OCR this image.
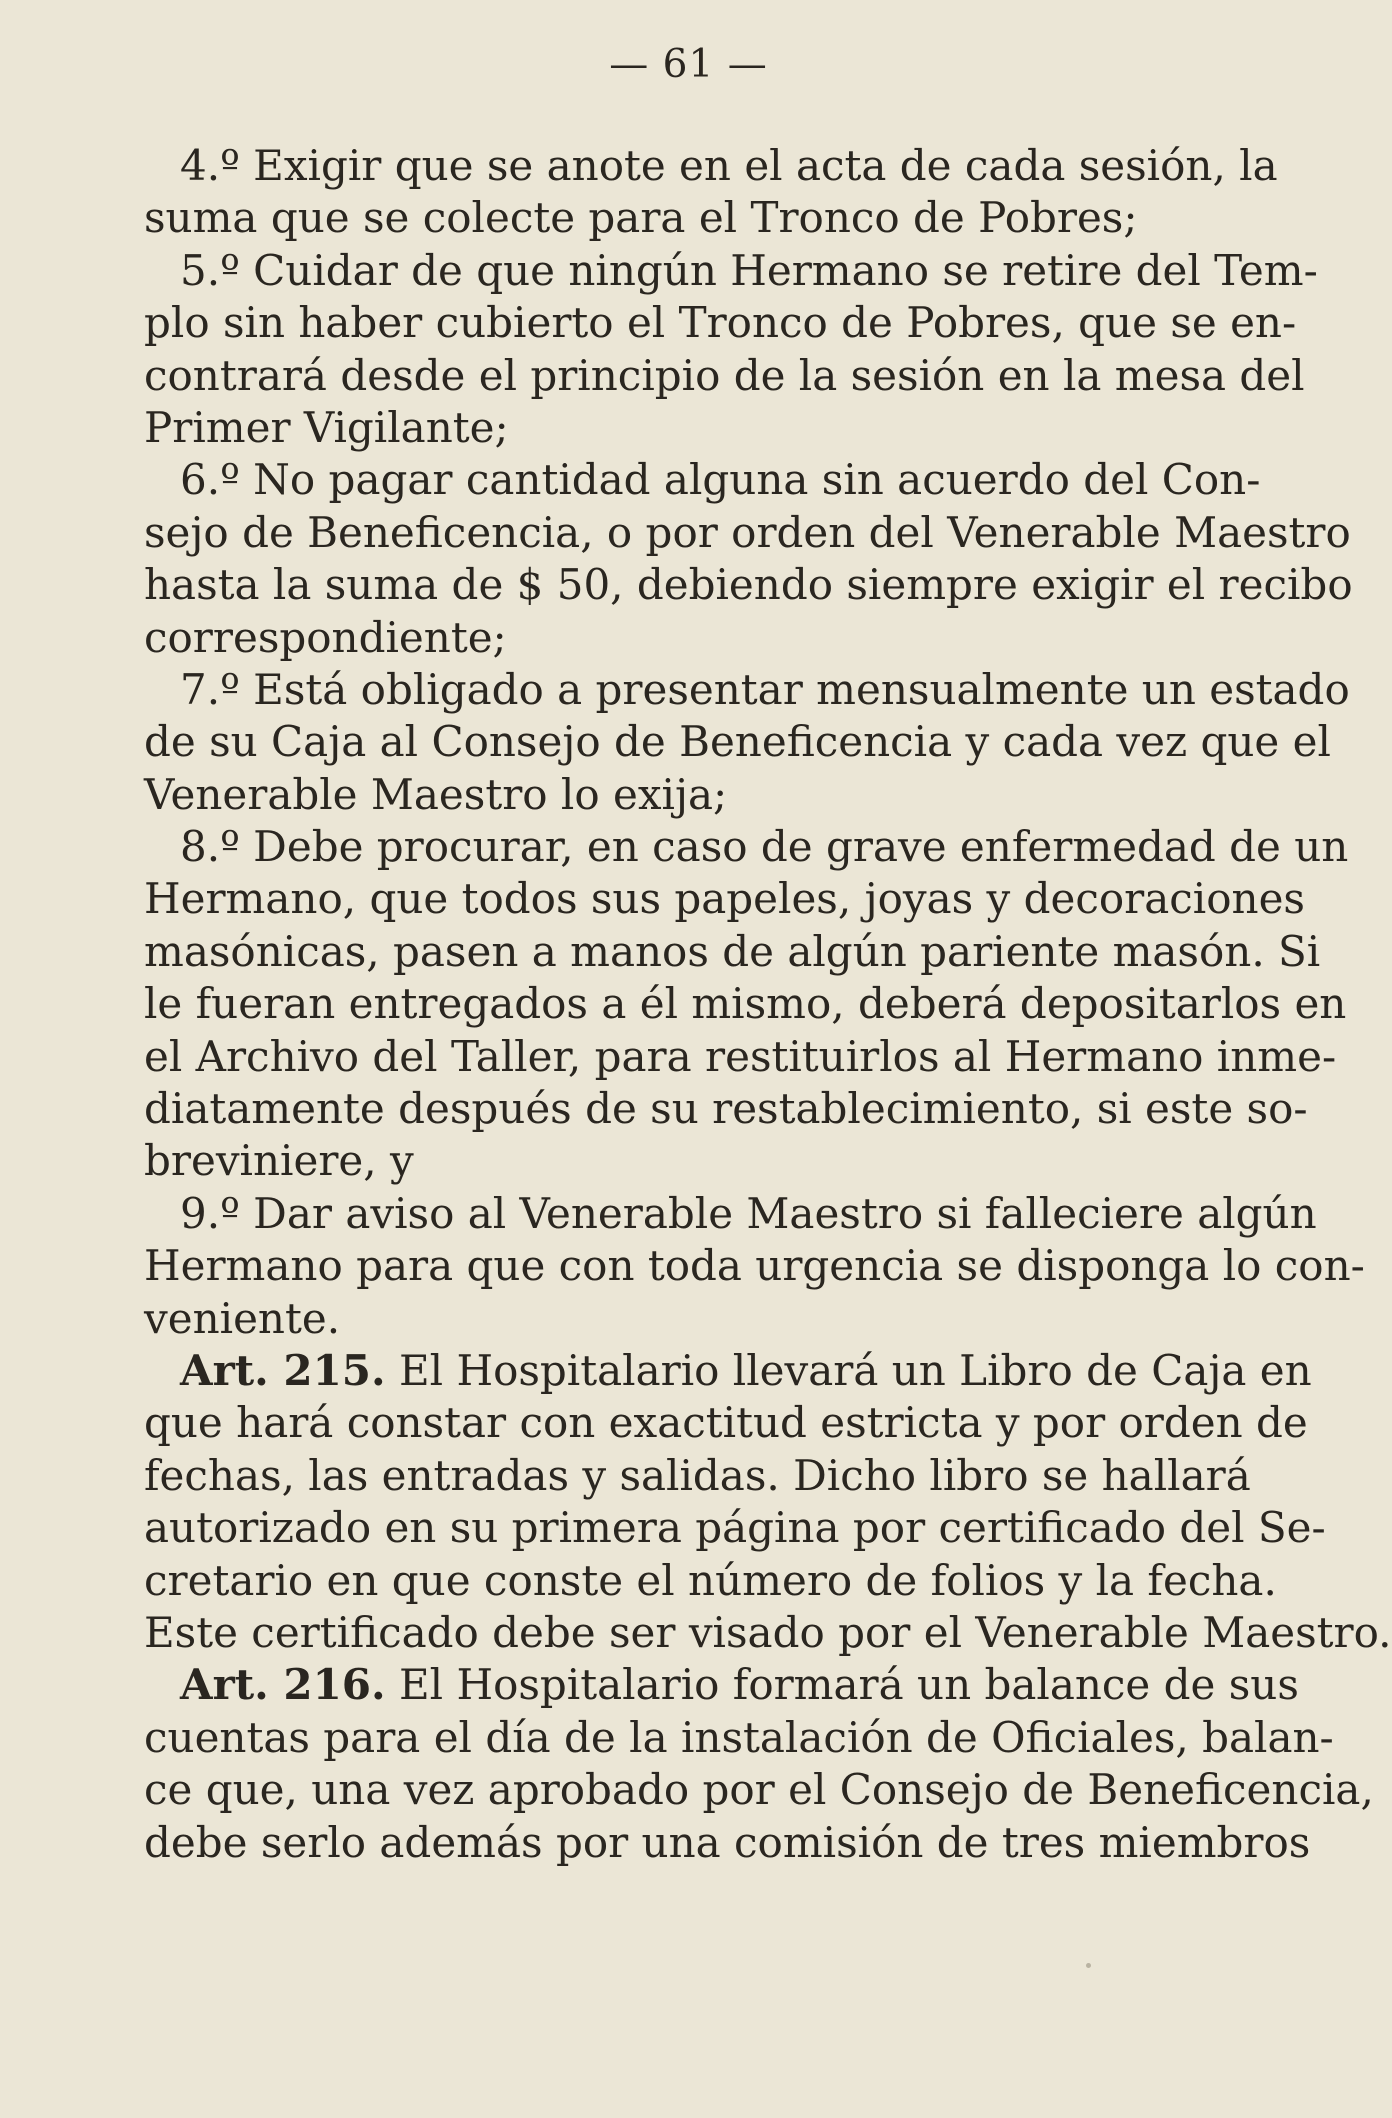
— 61 —
4.º Exigir que se anote en el acta de cada sesión, la
suma que se colecte para el Tronco de Pobres;
5.º Cuidar de que ningún Hermano se retire del Tem-
plo sin haber cubierto el Tronco de Pobres, que se en-
contrará desde el principio de la sesión en la mesa del
Primer Vigilante;
6.º No pagar cantidad alguna sin acuerdo del Con-
sejo de Beneficencia, o por orden del Venerable Maestro
hasta la suma de $ 50, debiendo siempre exigir el recibo
correspondiente;
7.º Está obligado a presentar mensualmente un estado
de su Caja al Consejo de Beneficencia y cada vez que el
Venerable Maestro lo exija;
8.º Debe procurar, en caso de grave enfermedad de un
Hermano, que todos sus papeles, joyas y decoraciones
masónicas, pasen a manos de algún pariente masón. Si
le fueran entregados a él mismo, deberá depositarlos en
el Archivo del Taller, para restituirlos al Hermano inme-
diatamente después de su restablecimiento, si este so-
breviniere, y
9.º Dar aviso al Venerable Maestro si falleciere algún
Hermano para que con toda urgencia se disponga lo con-
veniente.
Art. 215. El Hospitalario llevará un Libro de Caja en
que hará constar con exactitud estricta y por orden de
fechas, las entradas y salidas. Dicho libro se hallará
autorizado en su primera página por certificado del Se-
cretario en que conste el número de folios y la fecha.
Este certificado debe ser visado por el Venerable Maestro.
Art. 216. El Hospitalario formará un balance de sus
cuentas para el día de la instalación de Oficiales, balan-
ce que, una vez aprobado por el Consejo de Beneficencia,
debe serlo además por una comisión de tres miembros
